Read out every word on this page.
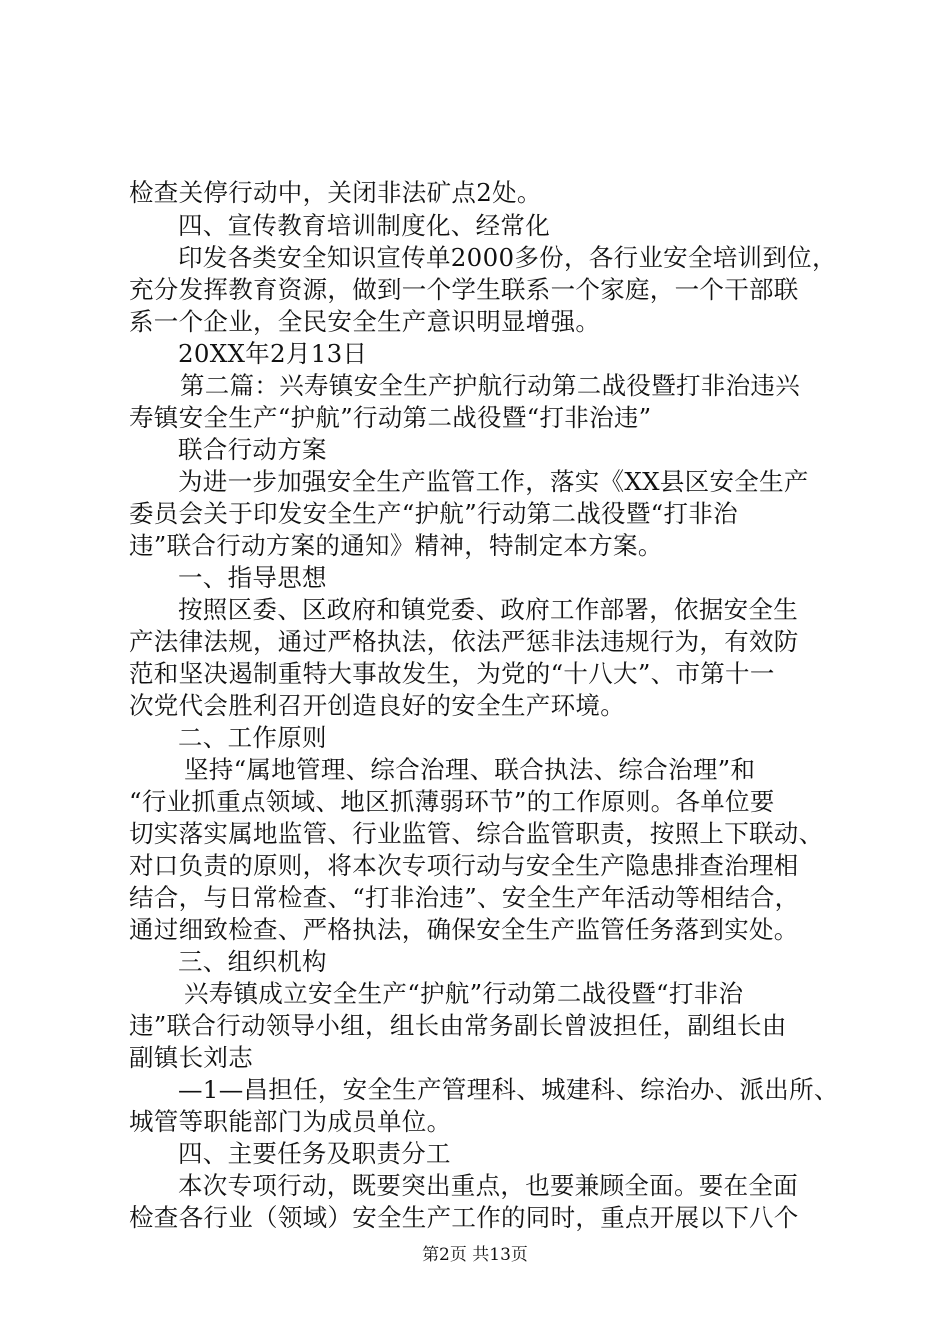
检查关停行动中，关闭非法矿点2处。
四、宣传教育培训制度化、经常化
印发各类安全知识宣传单2000多份，各行业安全培训到位，
充分发挥教育资源，做到一个学生联系一个家庭，一个干部联
系一个企业，全民安全生产意识明显增强。
20XX年2月13日
第二篇：兴寿镇安全生产护航行动第二战役暨打非治违兴
寿镇安全生产“护航”行动第二战役暨“打非治违”
联合行动方案
为进一步加强安全生产监管工作，落实《XX县区安全生产
委员会关于印发安全生产“护航”行动第二战役暨“打非治
违”联合行动方案的通知》精神，特制定本方案。
一、指导思想
按照区委、区政府和镇党委、政府工作部署，依据安全生
产法律法规，通过严格执法，依法严惩非法违规行为，有效防
范和坚决遏制重特大事故发生，为党的“十八大”、市第十一
次党代会胜利召开创造良好的安全生产环境。
二、工作原则
坚持“属地管理、综合治理、联合执法、综合治理”和
“行业抓重点领域、地区抓薄弱环节”的工作原则。各单位要
切实落实属地监管、行业监管、综合监管职责，按照上下联动、
对口负责的原则，将本次专项行动与安全生产隐患排查治理相
结合，与日常检查、“打非治违”、安全生产年活动等相结合，
通过细致检查、严格执法，确保安全生产监管任务落到实处。
三、组织机构
兴寿镇成立安全生产“护航”行动第二战役暨“打非治
违”联合行动领导小组，组长由常务副长曾波担任，副组长由
副镇长刘志
—1—昌担任，安全生产管理科、城建科、综治办、派出所、
城管等职能部门为成员单位。
四、主要任务及职责分工
本次专项行动，既要突出重点，也要兼顾全面。要在全面
检查各行业（领域）安全生产工作的同时，重点开展以下八个
第2页 共13页
